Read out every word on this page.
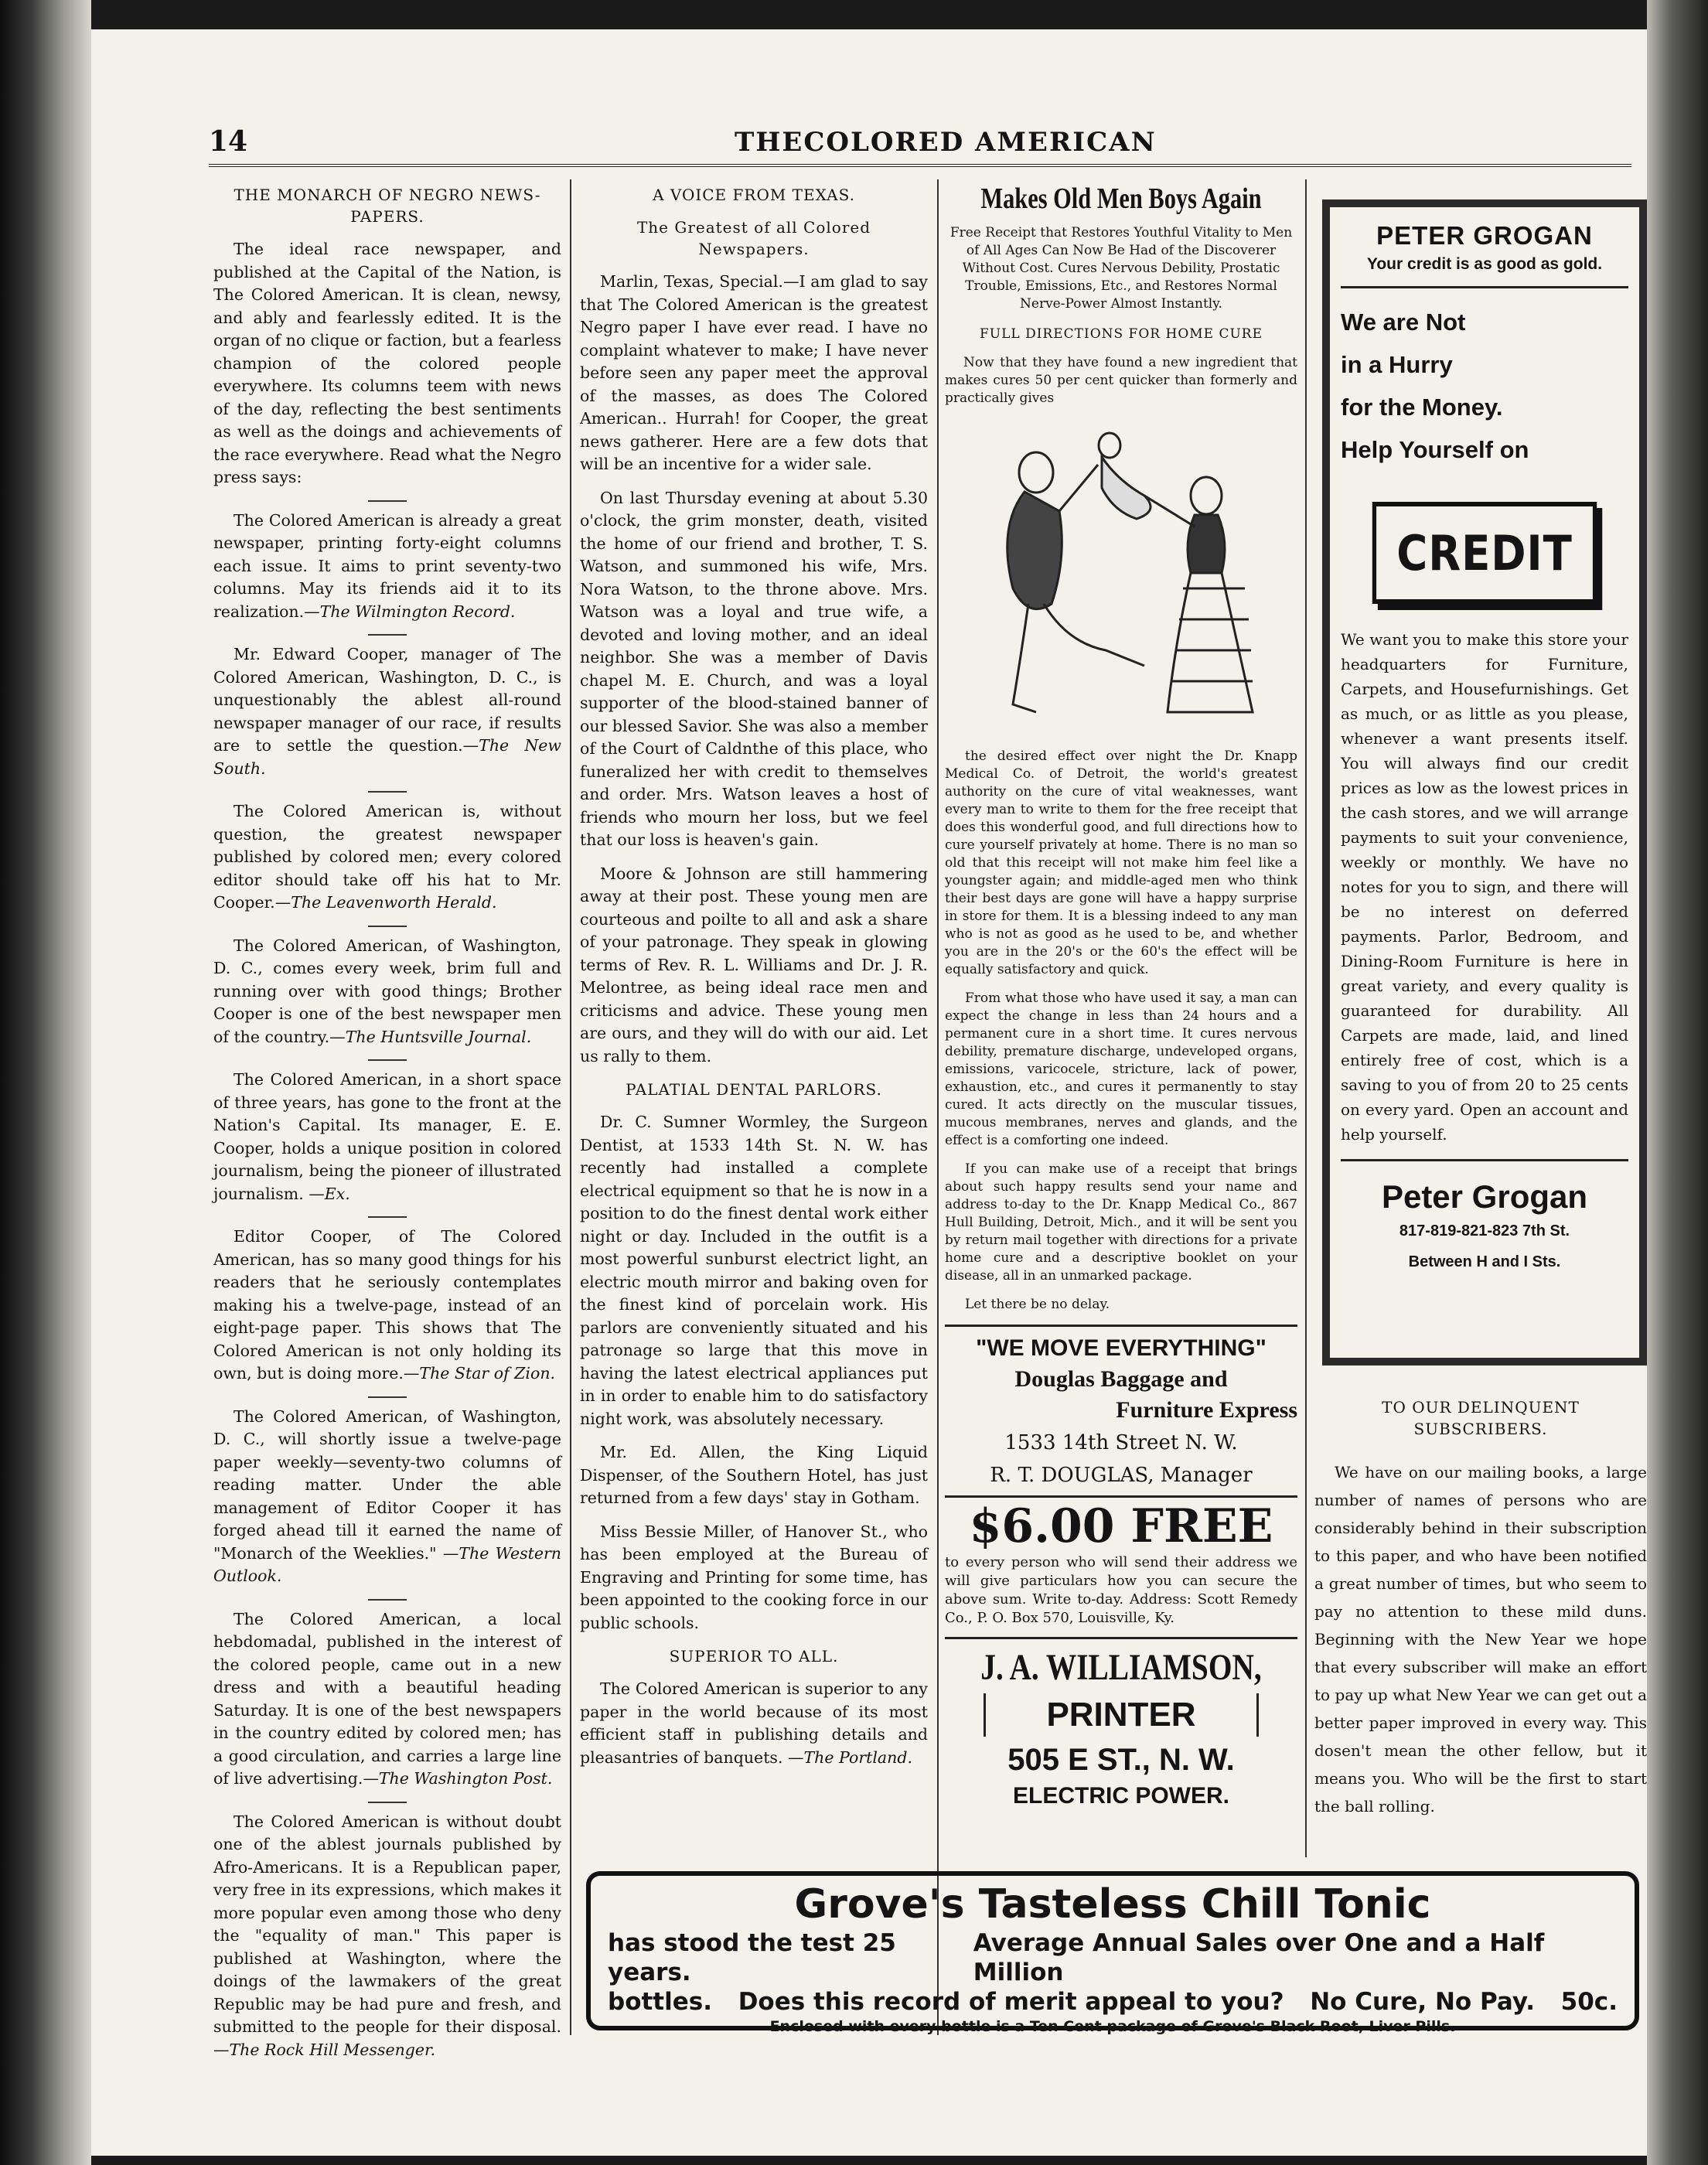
14	THECOLORED AMERICAN
THE MONARCH OF NEGRO NEWS-PAPERS.

The ideal race newspaper, and published at the Capital of the Nation, is The Colored American. It is clean, newsy, and ably and fearlessly edited. It is the organ of no clique or faction, but a fearless champion of the colored people everywhere. Its columns teem with news of the day, reflecting the best sentiments as well as the doings and achievements of the race everywhere. Read what the Negro press says:

The Colored American is already a great newspaper, printing forty-eight columns each issue. It aims to print seventy-two columns. May its friends aid it to its realization.—The Wilmington Record.

Mr. Edward Cooper, manager of The Colored American, Washington, D. C., is unquestionably the ablest all-round newspaper manager of our race, if results are to settle the question.—The New South.

The Colored American is, without question, the greatest newspaper published by colored men; every colored editor should take off his hat to Mr. Cooper.—The Leavenworth Herald.

The Colored American, of Washington, D. C., comes every week, brim full and running over with good things; Brother Cooper is one of the best newspaper men of the country.—The Huntsville Journal.

The Colored American, in a short space of three years, has gone to the front at the Nation's Capital. Its manager, E. E. Cooper, holds a unique position in colored journalism, being the pioneer of illustrated journalism. —Ex.

Editor Cooper, of The Colored American, has so many good things for his readers that he seriously contemplates making his a twelve-page, instead of an eight-page paper. This shows that The Colored American is not only holding its own, but is doing more.—The Star of Zion.

The Colored American, of Washington, D. C., will shortly issue a twelve-page paper weekly—seventy-two columns of reading matter. Under the able management of Editor Cooper it has forged ahead till it earned the name of "Monarch of the Weeklies." —The Western Outlook.

The Colored American, a local hebdomadal, published in the interest of the colored people, came out in a new dress and with a beautiful heading Saturday. It is one of the best newspapers in the country edited by colored men; has a good circulation, and carries a large line of live advertising.—The Washington Post.

The Colored American is without doubt one of the ablest journals published by Afro-Americans. It is a Republican paper, very free in its expressions, which makes it more popular even among those who deny the "equality of man." This paper is published at Washington, where the doings of the lawmakers of the great Republic may be had pure and fresh, and submitted to the people for their disposal.—The Rock Hill Messenger.

A VOICE FROM TEXAS.
The Greatest of all Colored Newspapers.

Marlin, Texas, Special.—I am glad to say that The Colored American is the greatest Negro paper I have ever read. I have no complaint whatever to make; I have never before seen any paper meet the approval of the masses, as does The Colored American.. Hurrah! for Cooper, the great news gatherer. Here are a few dots that will be an incentive for a wider sale.

On last Thursday evening at about 5.30 o'clock, the grim monster, death, visited the home of our friend and brother, T. S. Watson, and summoned his wife, Mrs. Nora Watson, to the throne above. Mrs. Watson was a loyal and true wife, a devoted and loving mother, and an ideal neighbor. She was a member of Davis chapel M. E. Church, and was a loyal supporter of the blood-stained banner of our blessed Savior. She was also a member of the Court of Caldnthe of this place, who funeralized her with credit to themselves and order. Mrs. Watson leaves a host of friends who mourn her loss, but we feel that our loss is heaven's gain.

Moore & Johnson are still hammering away at their post. These young men are courteous and poilte to all and ask a share of your patronage. They speak in glowing terms of Rev. R. L. Williams and Dr. J. R. Melontree, as being ideal race men and criticisms and advice. These young men are ours, and they will do with our aid. Let us rally to them.

PALATIAL DENTAL PARLORS.

Dr. C. Sumner Wormley, the Surgeon Dentist, at 1533 14th St. N. W. has recently had installed a complete electrical equipment so that he is now in a position to do the finest dental work either night or day. Included in the outfit is a most powerful sunburst electrict light, an electric mouth mirror and baking oven for the finest kind of porcelain work. His parlors are conveniently situated and his patronage so large that this move in having the latest electrical appliances put in in order to enable him to do satisfactory night work, was absolutely necessary.

Mr. Ed. Allen, the King Liquid Dispenser, of the Southern Hotel, has just returned from a few days' stay in Gotham.

Miss Bessie Miller, of Hanover St., who has been employed at the Bureau of Engraving and Printing for some time, has been appointed to the cooking force in our public schools.

SUPERIOR TO ALL.

The Colored American is superior to any paper in the world because of its most efficient staff in publishing details and pleasantries of banquets. —The Portland.

Makes Old Men Boys Again
Free Receipt that Restores Youthful Vitality to Men of All Ages Can Now Be Had of the Discoverer Without Cost. Cures Nervous Debility, Prostatic Trouble, Emissions, Etc., and Restores Normal Nerve-Power Almost Instantly.
FULL DIRECTIONS FOR HOME CURE
Now that they have found a new ingredient that makes cures 50 per cent quicker than formerly and practically gives

the desired effect over night the Dr. Knapp Medical Co. of Detroit, the world's greatest authority on the cure of vital weaknesses, want every man to write to them for the free receipt that does this wonderful good, and full directions how to cure yourself privately at home. There is no man so old that this receipt will not make him feel like a youngster again; and middle-aged men who think their best days are gone will have a happy surprise in store for them. It is a blessing indeed to any man who is not as good as he used to be, and whether you are in the 20's or the 60's the effect will be equally satisfactory and quick.

From what those who have used it say, a man can expect the change in less than 24 hours and a permanent cure in a short time. It cures nervous debility, premature discharge, undeveloped organs, emissions, varicocele, stricture, lack of power, exhaustion, etc., and cures it permanently to stay cured. It acts directly on the muscular tissues, mucous membranes, nerves and glands, and the effect is a comforting one indeed.

If you can make use of a receipt that brings about such happy results send your name and address to-day to the Dr. Knapp Medical Co., 867 Hull Building, Detroit, Mich., and it will be sent you by return mail together with directions for a private home cure and a descriptive booklet on your disease, all in an unmarked package.

Let there be no delay.

"WE MOVE EVERYTHING"
Douglas Baggage and
Furniture Express
1533 14th Street N. W.
R. T. DOUGLAS, Manager
$6.00 FREE
to every person who will send their address we will give particulars how you can secure the above sum. Write to-day. Address: Scott Remedy Co., P. O. Box 570, Louisville, Ky.
J. A. WILLIAMSON,
PRINTER
505 E ST., N. W.
ELECTRIC POWER.
PETER GROGAN
Your credit is as good as gold.
We are Not
in a Hurry
for the Money.
Help Yourself on
CREDIT
We want you to make this store your headquarters for Furniture, Carpets, and Housefurnishings. Get as much, or as little as you please, whenever a want presents itself. You will always find our credit prices as low as the lowest prices in the cash stores, and we will arrange payments to suit your convenience, weekly or monthly. We have no notes for you to sign, and there will be no interest on deferred payments. Parlor, Bedroom, and Dining-Room Furniture is here in great variety, and every quality is guaranteed for durability. All Carpets are made, laid, and lined entirely free of cost, which is a saving to you of from 20 to 25 cents on every yard. Open an account and help yourself.
Peter Grogan
817-819-821-823 7th St.
Between H and I Sts.
TO OUR DELINQUENT SUBSCRIBERS.

We have on our mailing books, a large number of names of persons who are considerably behind in their subscription to this paper, and who have been notified a great number of times, but who seem to pay no attention to these mild duns. Beginning with the New Year we hope that every subscriber will make an effort to pay up what New Year we can get out a better paper improved in every way. This dosen't mean the other fellow, but it means you. Who will be the first to start the ball rolling.

Grove's Tasteless Chill Tonic
has stood the test 25 years.
Average Annual Sales over One and a Half Million
bottles. Does this record of merit appeal to you? No Cure, No Pay. 50c.
Enclosed with every bottle is a Ten Cent package of Grove's Black Root, Liver Pills.
